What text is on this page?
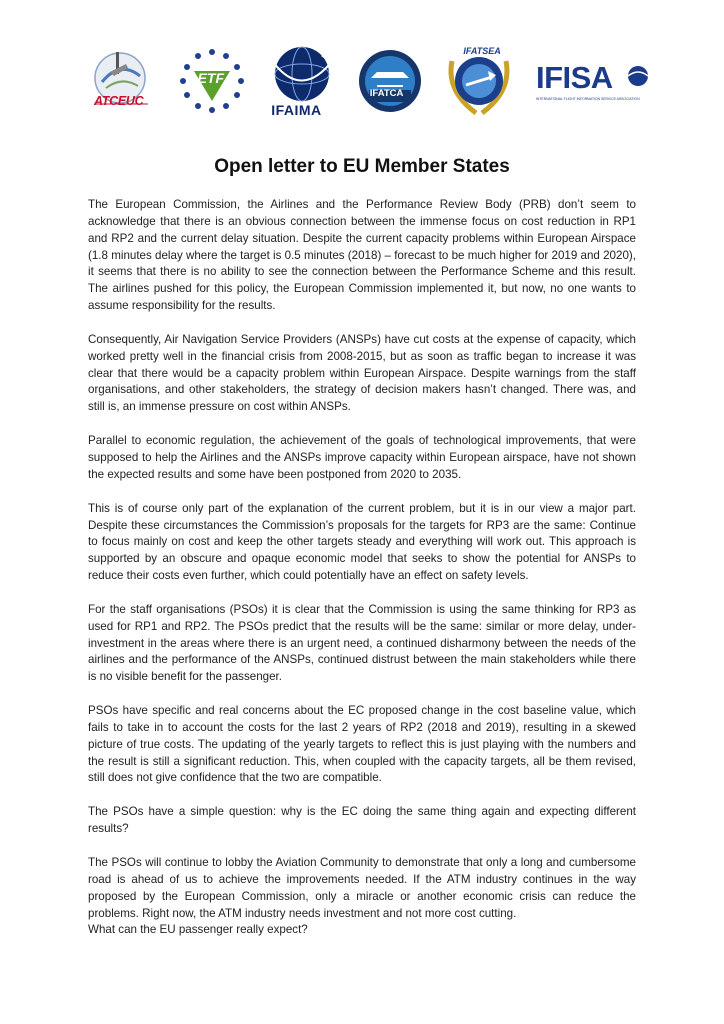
ATCEUC
ETF
IFAIMA
IFATCA
IFATSEA
IFISA
INTERNATIONAL FLIGHT INFORMATION SERVICE ASSOCIATION
Open letter to EU Member States

The European Commission, the Airlines and the Performance Review Body (PRB) don’t seem to acknowledge that there is an obvious connection between the immense focus on cost reduction in RP1 and RP2 and the current delay situation. Despite the current capacity problems within European Airspace (1.8 minutes delay where the target is 0.5 minutes (2018) – forecast to be much higher for 2019 and 2020), it seems that there is no ability to see the connection between the Performance Scheme and this result. The airlines pushed for this policy, the European Commission implemented it, but now, no one wants to assume responsibility for the results.

Consequently, Air Navigation Service Providers (ANSPs) have cut costs at the expense of capacity, which worked pretty well in the financial crisis from 2008-2015, but as soon as traffic began to increase it was clear that there would be a capacity problem within European Airspace. Despite warnings from the staff organisations, and other stakeholders, the strategy of decision makers hasn’t changed. There was, and still is, an immense pressure on cost within ANSPs.

Parallel to economic regulation, the achievement of the goals of technological improvements, that were supposed to help the Airlines and the ANSPs improve capacity within European airspace, have not shown the expected results and some have been postponed from 2020 to 2035.

This is of course only part of the explanation of the current problem, but it is in our view a major part. Despite these circumstances the Commission’s proposals for the targets for RP3 are the same: Continue to focus mainly on cost and keep the other targets steady and everything will work out. This approach is supported by an obscure and opaque economic model that seeks to show the potential for ANSPs to reduce their costs even further, which could potentially have an effect on safety levels.

For the staff organisations (PSOs) it is clear that the Commission is using the same thinking for RP3 as used for RP1 and RP2. The PSOs predict that the results will be the same: similar or more delay, under-investment in the areas where there is an urgent need, a continued disharmony between the needs of the airlines and the performance of the ANSPs, continued distrust between the main stakeholders while there is no visible benefit for the passenger.

PSOs have specific and real concerns about the EC proposed change in the cost baseline value, which fails to take in to account the costs for the last 2 years of RP2 (2018 and 2019), resulting in a skewed picture of true costs. The updating of the yearly targets to reflect this is just playing with the numbers and the result is still a significant reduction. This, when coupled with the capacity targets, all be them revised, still does not give confidence that the two are compatible.

The PSOs have a simple question: why is the EC doing the same thing again and expecting different results?

The PSOs will continue to lobby the Aviation Community to demonstrate that only a long and cumbersome road is ahead of us to achieve the improvements needed. If the ATM industry continues in the way proposed by the European Commission, only a miracle or another economic crisis can reduce the problems. Right now, the ATM industry needs investment and not more cost cutting.

What can the EU passenger really expect?
